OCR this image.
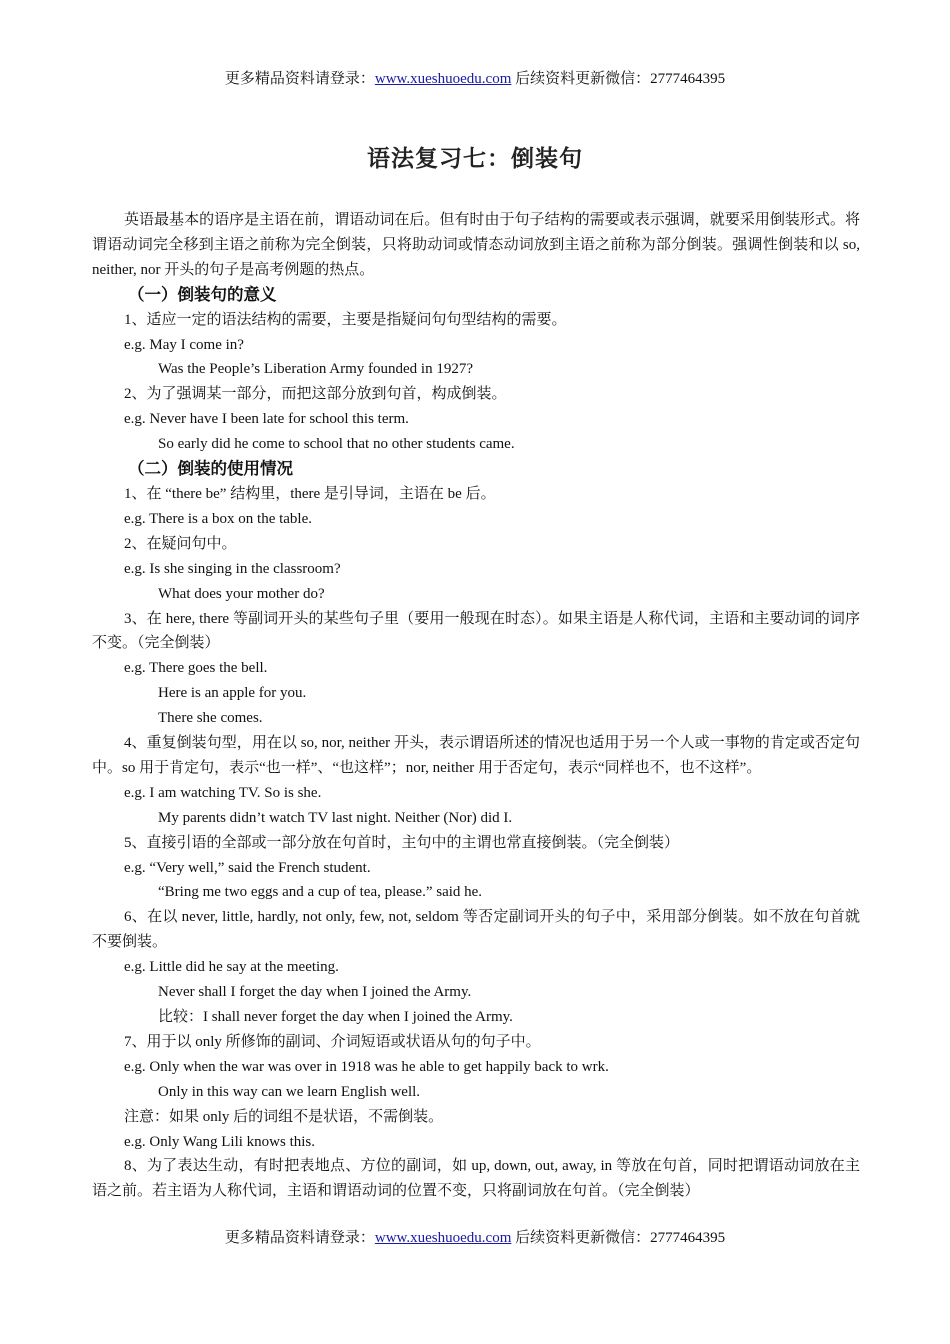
更多精品资料请登录：www.xueshuoedu.com 后续资料更新微信：2777464395
语法复习七：倒装句

英语最基本的语序是主语在前，谓语动词在后。但有时由于句子结构的需要或表示强调，就要采用倒装形式。将谓语动词完全移到主语之前称为完全倒装，只将助动词或情态动词放到主语之前称为部分倒装。强调性倒装和以 so, neither, nor 开头的句子是高考例题的热点。

（一）倒装句的意义

1、适应一定的语法结构的需要，主要是指疑问句句型结构的需要。

e.g. May I come in?

Was the People’s Liberation Army founded in 1927?

2、为了强调某一部分，而把这部分放到句首，构成倒装。

e.g. Never have I been late for school this term.

So early did he come to school that no other students came.

（二）倒装的使用情况

1、在 “there be” 结构里，there 是引导词，主语在 be 后。

e.g. There is a box on the table.

2、在疑问句中。

e.g. Is she singing in the classroom?

What does your mother do?

3、在 here, there 等副词开头的某些句子里（要用一般现在时态）。如果主语是人称代词，主语和主要动词的词序不变。（完全倒装）

e.g. There goes the bell.

Here is an apple for you.

There she comes.

4、重复倒装句型，用在以 so, nor, neither 开头，表示谓语所述的情况也适用于另一个人或一事物的肯定或否定句中。so 用于肯定句，表示“也一样”、“也这样”；nor, neither 用于否定句，表示“同样也不，也不这样”。

e.g. I am watching TV. So is she.

My parents didn’t watch TV last night. Neither (Nor) did I.

5、直接引语的全部或一部分放在句首时，主句中的主谓也常直接倒装。（完全倒装）

e.g. “Very well,” said the French student.

“Bring me two eggs and a cup of tea, please.” said he.

6、在以 never, little, hardly, not only, few, not, seldom 等否定副词开头的句子中，采用部分倒装。如不放在句首就不要倒装。

e.g. Little did he say at the meeting.

Never shall I forget the day when I joined the Army.

比较：I shall never forget the day when I joined the Army.

7、用于以 only 所修饰的副词、介词短语或状语从句的句子中。

e.g. Only when the war was over in 1918 was he able to get happily back to wrk.

Only in this way can we learn English well.

注意：如果 only 后的词组不是状语，不需倒装。

e.g. Only Wang Lili knows this.

8、为了表达生动，有时把表地点、方位的副词，如 up, down, out, away, in 等放在句首，同时把谓语动词放在主语之前。若主语为人称代词，主语和谓语动词的位置不变，只将副词放在句首。（完全倒装）

更多精品资料请登录：www.xueshuoedu.com 后续资料更新微信：2777464395
